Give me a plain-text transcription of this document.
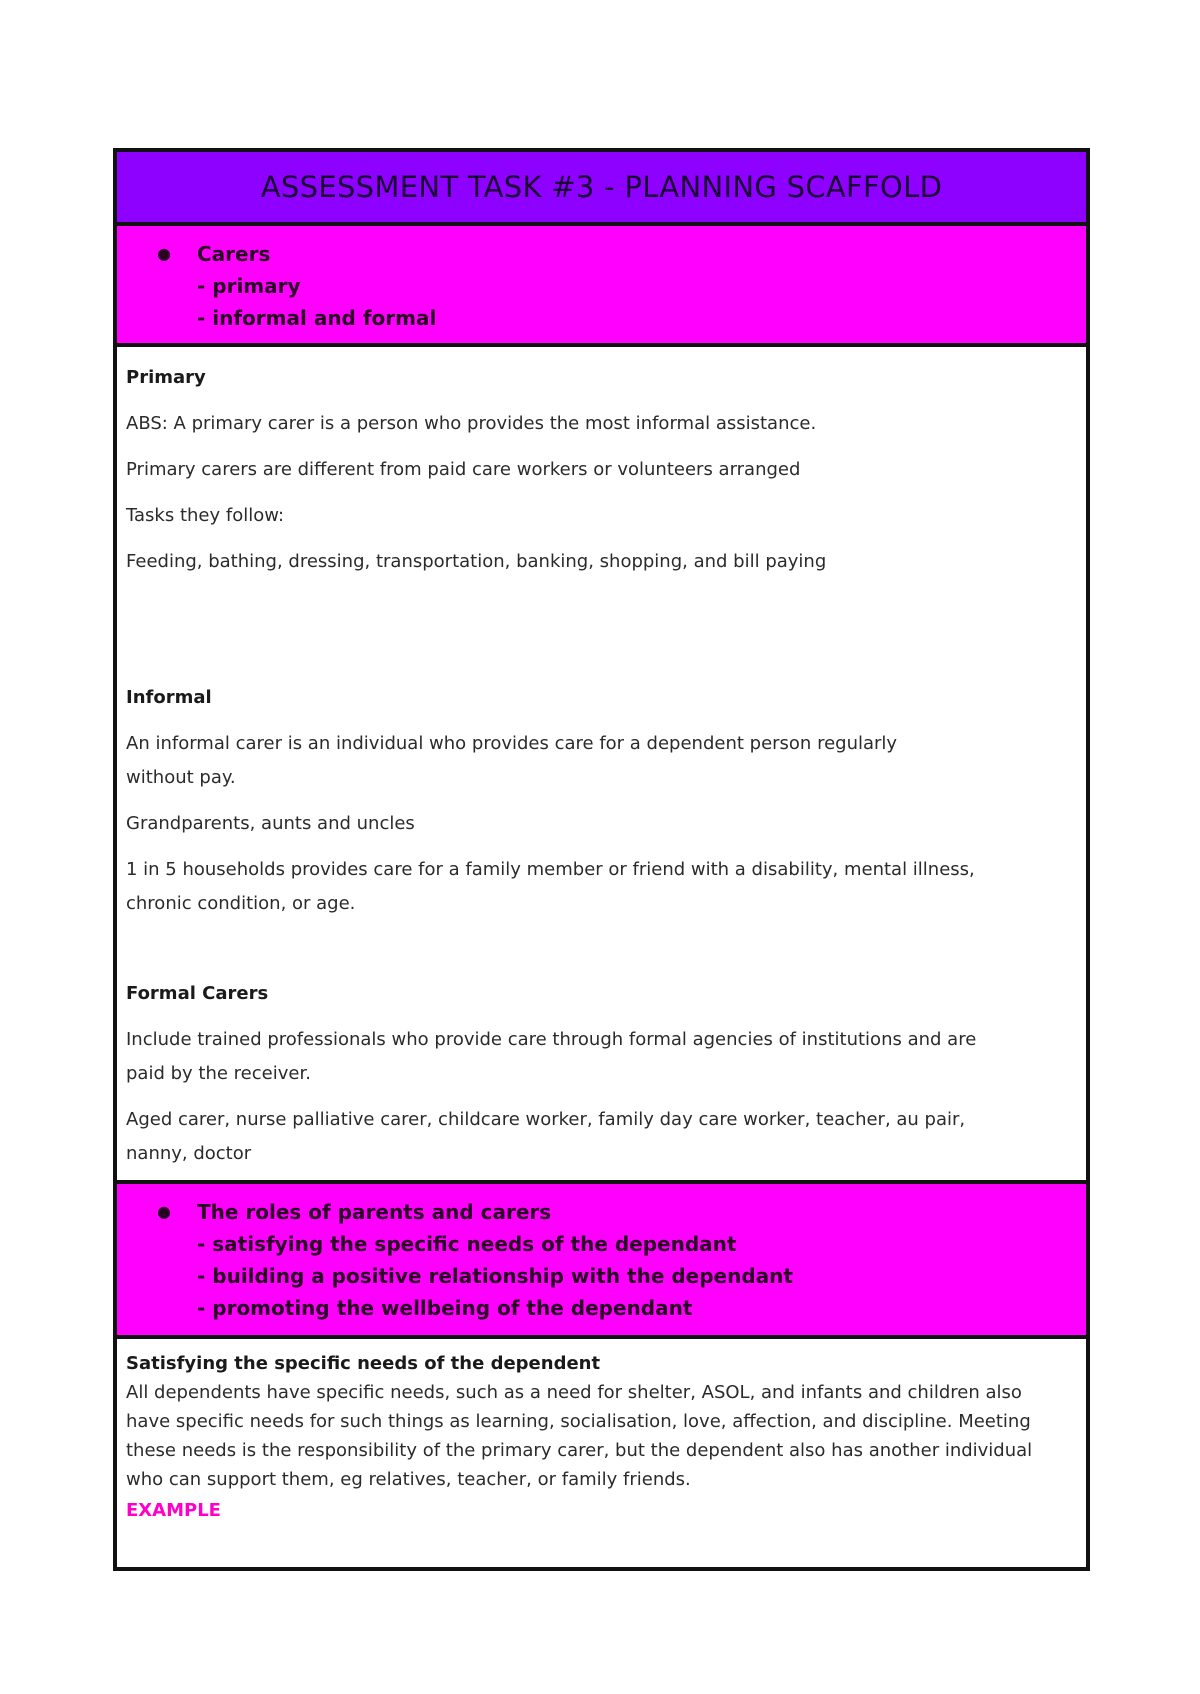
ASSESSMENT TASK #3 - PLANNING SCAFFOLD
●	Carers
- primary
- informal and formal

Primary

ABS: A primary carer is a person who provides the most informal assistance.

Primary carers are different from paid care workers or volunteers arranged

Tasks they follow:

Feeding, bathing, dressing, transportation, banking, shopping, and bill paying

Informal

An informal carer is an individual who provides care for a dependent person regularly without pay.

Grandparents, aunts and uncles

1 in 5 households provides care for a family member or friend with a disability, mental illness, chronic condition, or age.

Formal Carers

Include trained professionals who provide care through formal agencies of institutions and are paid by the receiver.

Aged carer, nurse palliative carer, childcare worker, family day care worker, teacher, au pair, nanny, doctor

●	The roles of parents and carers
- satisfying the specific needs of the dependant
- building a positive relationship with the dependant
- promoting the wellbeing of the dependant

Satisfying the specific needs of the dependent

All dependents have specific needs, such as a need for shelter, ASOL, and infants and children also have specific needs for such things as learning, socialisation, love, affection, and discipline. Meeting these needs is the responsibility of the primary carer, but the dependent also has another individual who can support them, eg relatives, teacher, or family friends.

EXAMPLE
